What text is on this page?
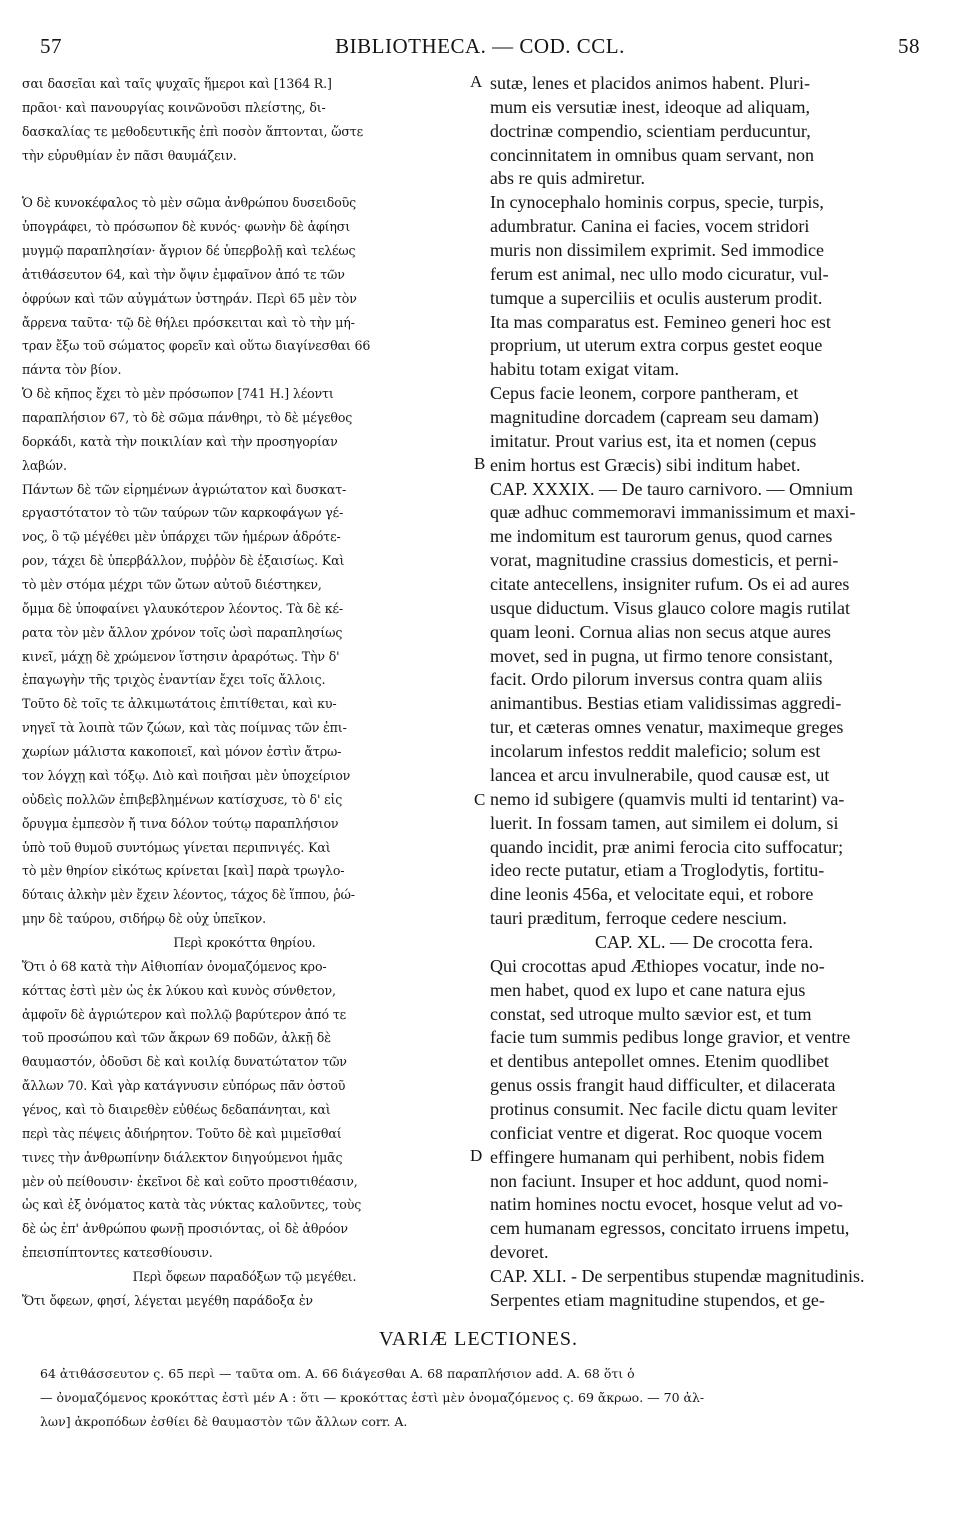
57	BIBLIOTHECA. — COD. CCL.	58
σαι δασεῖαι καὶ ταῖς ψυχαῖς ἥμεροι καὶ [1364 R.]
πρᾶοι· καὶ πανουργίας κοινῶνοῦσι πλείστης, δι-
δασκαλίας τε μεθοδευτικῆς ἐπὶ ποσὸν ἅπτονται, ὥστε
τὴν εὐρυθμίαν ἐν πᾶσι θαυμάζειν.
Ὁ δὲ κυνοκέφαλος τὸ μὲν σῶμα ἀνθρώπου δυσειδοῦς
ὑπογράφει, τὸ πρόσωπον δὲ κυνός· φωνὴν δὲ ἀφίησι
μυγμῷ παραπλησίαν· ἄγριον δέ ὑπερβολῇ καὶ τελέως
ἀτιθάσευτον 64, καὶ τὴν ὄψιν ἐμφαῖνον ἀπό τε τῶν
ὀφρύων καὶ τῶν αὐγμάτων ὑστηράν. Περὶ 65 μὲν τὸν
ἄρρενα ταῦτα· τῷ δὲ θήλει πρόσκειται καὶ τὸ τὴν μή-
τραν ἔξω τοῦ σώματος φορεῖν καὶ οὕτω διαγίνεσθαι 66
πάντα τὸν βίον.
Ὁ δὲ κῆπος ἔχει τὸ μὲν πρόσωπον [741 H.] λέοντι
παραπλήσιον 67, τὸ δὲ σῶμα πάνθηρι, τὸ δὲ μέγεθος
δορκάδι, κατὰ τὴν ποικιλίαν καὶ τὴν προσηγορίαν
λαβών.
Πάντων δὲ τῶν εἰρημένων ἀγριώτατον καὶ δυσκατ-
εργαστότατον τὸ τῶν ταύρων τῶν καρκοφάγων γέ-
νος, ὃ τῷ μέγέθει μὲν ὑπάρχει τῶν ἡμέρων ἁδρότε-
ρον, τάχει δὲ ὑπερβάλλον, πυῤῥὸν δὲ ἐξαισίως. Καὶ
τὸ μὲν στόμα μέχρι τῶν ὤτων αὐτοῦ διέστηκεν,
ὄμμα δὲ ὑποφαίνει γλαυκότερον λέοντος. Τὰ δὲ κέ-
ρατα τὸν μὲν ἄλλον χρόνον τοῖς ὠσὶ παραπλησίως
κινεῖ, μάχῃ δὲ χρώμενον ἵστησιν ἀραρότως. Τὴν δ'
ἐπαγωγὴν τῆς τριχὸς ἐναντίαν ἔχει τοῖς ἄλλοις.
Τοῦτο δὲ τοῖς τε ἀλκιμωτάτοις ἐπιτίθεται, καὶ κυ-
νηγεῖ τὰ λοιπὰ τῶν ζώων, καὶ τὰς ποίμνας τῶν ἐπι-
χωρίων μάλιστα κακοποιεῖ, καὶ μόνον ἐστὶν ἄτρω-
τον λόγχῃ καὶ τόξῳ. Διὸ καὶ ποιῆσαι μὲν ὑποχείριον
οὐδεὶς πολλῶν ἐπιβεβλημένων κατίσχυσε, τὸ δ' εἰς
ὄρυγμα ἐμπεσὸν ἤ τινα δόλον τούτῳ παραπλήσιον
ὑπὸ τοῦ θυμοῦ συντόμως γίνεται περιπνιγές. Καὶ
τὸ μὲν θηρίον εἰκότως κρίνεται [καὶ] παρὰ τρωγλο-
δύταις ἀλκὴν μὲν ἔχειν λέοντος, τάχος δὲ ἵππου, ῥώ-
μην δὲ ταύρου, σιδήρῳ δὲ οὐχ ὑπεῖκον.
Περὶ κροκόττα θηρίου.
Ὅτι ὁ 68 κατὰ τὴν Αἰθιοπίαν ὀνομαζόμενος κρο-
κόττας ἐστὶ μὲν ὡς ἐκ λύκου καὶ κυνὸς σύνθετον,
ἀμφοῖν δὲ ἀγριώτερον καὶ πολλῷ βαρύτερον ἀπό τε
τοῦ προσώπου καὶ τῶν ἄκρων 69 ποδῶν, ἀλκῇ δὲ
θαυμαστόν, ὀδοῦσι δὲ καὶ κοιλίᾳ δυνατώτατον τῶν
ἄλλων 70. Καὶ γὰρ κατάγνυσιν εὐπόρως πᾶν ὀστοῦ
γένος, καὶ τὸ διαιρεθὲν εὐθέως δεδαπάνηται, καὶ
περὶ τὰς πέψεις ἀδιήρητον. Τοῦτο δὲ καὶ μιμεῖσθαί
τινες τὴν ἀνθρωπίνην διάλεκτον διηγούμενοι ἡμᾶς
μὲν οὐ πείθουσιν· ἐκεῖνοι δὲ καὶ εοῦτο προστιθέασιν,
ὡς καὶ ἐξ ὀνόματος κατὰ τὰς νύκτας καλοῦντες, τοὺς
δὲ ὡς ἐπ' ἀνθρώπου φωνῇ προσιόντας, οἱ δὲ ἀθρόον
ἐπεισπίπτοντες κατεσθίουσιν.
Περὶ ὄφεων παραδόξων τῷ μεγέθει.
Ὅτι ὄφεων, φησί, λέγεται μεγέθη παράδοξα ἐν
sutæ, lenes et placidos animos habent. Pluri-
mum eis versutiæ inest, ideoque ad aliquam,
doctrinæ compendio, scientiam perducuntur,
concinnitatem in omnibus quam servant, non
abs re quis admiretur.
In cynocephalo hominis corpus, specie, turpis,
adumbratur. Canina ei facies, vocem stridori
muris non dissimilem exprimit. Sed immodice
ferum est animal, nec ullo modo cicuratur, vul-
tumque a superciliis et oculis austerum prodit.
Ita mas comparatus est. Femineo generi hoc est
proprium, ut uterum extra corpus gestet eoque
habitu totam exigat vitam.
Cepus facie leonem, corpore pantheram, et
magnitudine dorcadem (capream seu damam)
imitatur. Prout varius est, ita et nomen (cepus
enim hortus est Græcis) sibi inditum habet.
CAP. XXXIX. — De tauro carnivoro. — Omnium
quæ adhuc commemoravi immanissimum et maxi-
me indomitum est taurorum genus, quod carnes
vorat, magnitudine crassius domesticis, et perni-
citate antecellens, insigniter rufum. Os ei ad aures
usque diductum. Visus glauco colore magis rutilat
quam leoni. Cornua alias non secus atque aures
movet, sed in pugna, ut firmo tenore consistant,
facit. Ordo pilorum inversus contra quam aliis
animantibus. Bestias etiam validissimas aggredi-
tur, et cæteras omnes venatur, maximeque greges
incolarum infestos reddit maleficio; solum est
lancea et arcu invulnerabile, quod causæ est, ut
nemo id subigere (quamvis multi id tentarint) va-
luerit. In fossam tamen, aut similem ei dolum, si
quando incidit, præ animi ferocia cito suffocatur;
ideo recte putatur, etiam a Troglodytis, fortitu-
dine leonis 456a, et velocitate equi, et robore
tauri præditum, ferroque cedere nescium.
CAP. XL. — De crocotta fera.
Qui crocottas apud Æthiopes vocatur, inde no-
men habet, quod ex lupo et cane natura ejus
constat, sed utroque multo sævior est, et tum
facie tum summis pedibus longe gravior, et ventre
et dentibus antepollet omnes. Etenim quodlibet
genus ossis frangit haud difficulter, et dilacerata
protinus consumit. Nec facile dictu quam leviter
conficiat ventre et digerat. Roc quoque vocem
effingere humanam qui perhibent, nobis fidem
non faciunt. Insuper et hoc addunt, quod nomi-
natim homines noctu evocet, hosque velut ad vo-
cem humanam egressos, concitato irruens impetu,
devoret.
CAP. XLI. - De serpentibus stupendæ magnitudinis.
Serpentes etiam magnitudine stupendos, et ge-
A
B
C
D
VARIÆ LECTIONES.
64 ἀτιθάσσευτον ς. 65 περὶ — ταῦτα om. A. 66 διάγεσθαι A. 68 παραπλήσιον add. A. 68 ὅτι ὁ
— ὀνομαζόμενος κροκόττας ἐστὶ μέν A : ὅτι — κροκόττας ἐστὶ μὲν ὀνομαζόμενος ς. 69 ἄκρωο. — 70 ἀλ-
λων] ἀκροπόδων ἐσθίει δὲ θαυμαστὸν τῶν ἄλλων corr. A.
